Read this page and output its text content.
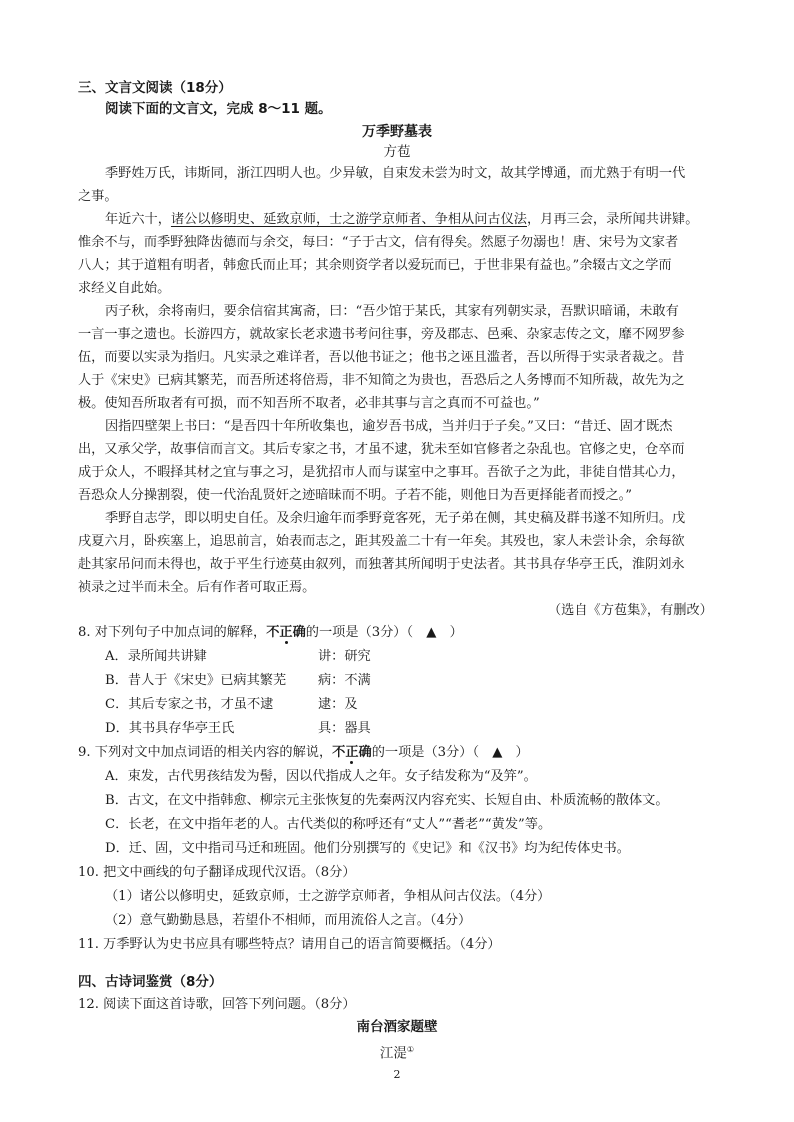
三、文言文阅读（18分）
阅读下面的文言文，完成 8～11 题。
万季野墓表
方苞
季野姓万氏，讳斯同，浙江四明人也。少异敏，自束发未尝为时文，故其学博通，而尤熟于有明一代
之事。
年近六十，诸公以修明史、延致京师，士之游学京师者、争相从问古仪法，月再三会，录所闻共讲肄。
惟余不与，而季野独降齿德而与余交，每曰：“子于古文，信有得矣。然愿子勿溺也！唐、宋号为文家者
八人；其于道粗有明者，韩愈氏而止耳；其余则资学者以爱玩而已，于世非果有益也。”余辍古文之学而
求经义自此始。
丙子秋，余将南归，要余信宿其寓斋，曰：“吾少馆于某氏，其家有列朝实录，吾默识暗诵，未敢有
一言一事之遗也。长游四方，就故家长老求遗书考问往事，旁及郡志、邑乘、杂家志传之文，靡不网罗参
伍，而要以实录为指归。凡实录之难详者，吾以他书证之；他书之诬且滥者，吾以所得于实录者裁之。昔
人于《宋史》已病其繁芜，而吾所述将倍焉，非不知简之为贵也，吾恐后之人务博而不知所裁，故先为之
极。使知吾所取者有可损，而不知吾所不取者，必非其事与言之真而不可益也。”
因指四壁架上书曰：“是吾四十年所收集也，逾岁吾书成，当并归于子矣。”又曰：“昔迁、固才既杰
出，又承父学，故事信而言文。其后专家之书，才虽不逮，犹未至如官修者之杂乱也。官修之史，仓卒而
成于众人，不暇择其材之宜与事之习，是犹招市人而与谋室中之事耳。吾欲子之为此，非徒自惜其心力，
吾恐众人分操割裂，使一代治乱贤奸之迹暗昧而不明。子若不能，则他日为吾更择能者而授之。”
季野自志学，即以明史自任。及余归逾年而季野竟客死，无子弟在侧，其史稿及群书遂不知所归。戊
戌夏六月，卧疾塞上，追思前言，始表而志之，距其殁盖二十有一年矣。其殁也，家人未尝讣余，余每欲
赴其家吊问而未得也，故于平生行迹莫由叙列，而独著其所闻明于史法者。其书具存华亭王氏，淮阴刘永
祯录之过半而未全。后有作者可取正焉。
（选自《方苞集》，有删改）
8. 对下列句子中加点词的解释，不正确的一项是（3分）（　▲　）
A．录所闻共讲肄	讲：研究
B．昔人于《宋史》已病其繁芜 病：不满
C．其后专家之书，才虽不逮	逮：及
D．其书具存华亭王氏	具：器具
9. 下列对文中加点词语的相关内容的解说，不正确的一项是（3分）（　▲　）
A．束发，古代男孩结发为髻，因以代指成人之年。女子结发称为“及笄”。
B．古文，在文中指韩愈、柳宗元主张恢复的先秦两汉内容充实、长短自由、朴质流畅的散体文。
C．长老，在文中指年老的人。古代类似的称呼还有“丈人”“耆老”“黄发”等。
D．迁、固，文中指司马迁和班固。他们分别撰写的《史记》和《汉书》均为纪传体史书。
10. 把文中画线的句子翻译成现代汉语。（8分）
（1）诸公以修明史，延致京师，士之游学京师者，争相从问古仪法。（4分）
（2）意气勤勤恳恳，若望仆不相师，而用流俗人之言。（4分）
11. 万季野认为史书应具有哪些特点？请用自己的语言简要概括。（4分）
四、古诗词鉴赏（8分）
12. 阅读下面这首诗歌，回答下列问题。（8分）
南台酒家题壁
江湜①
2
